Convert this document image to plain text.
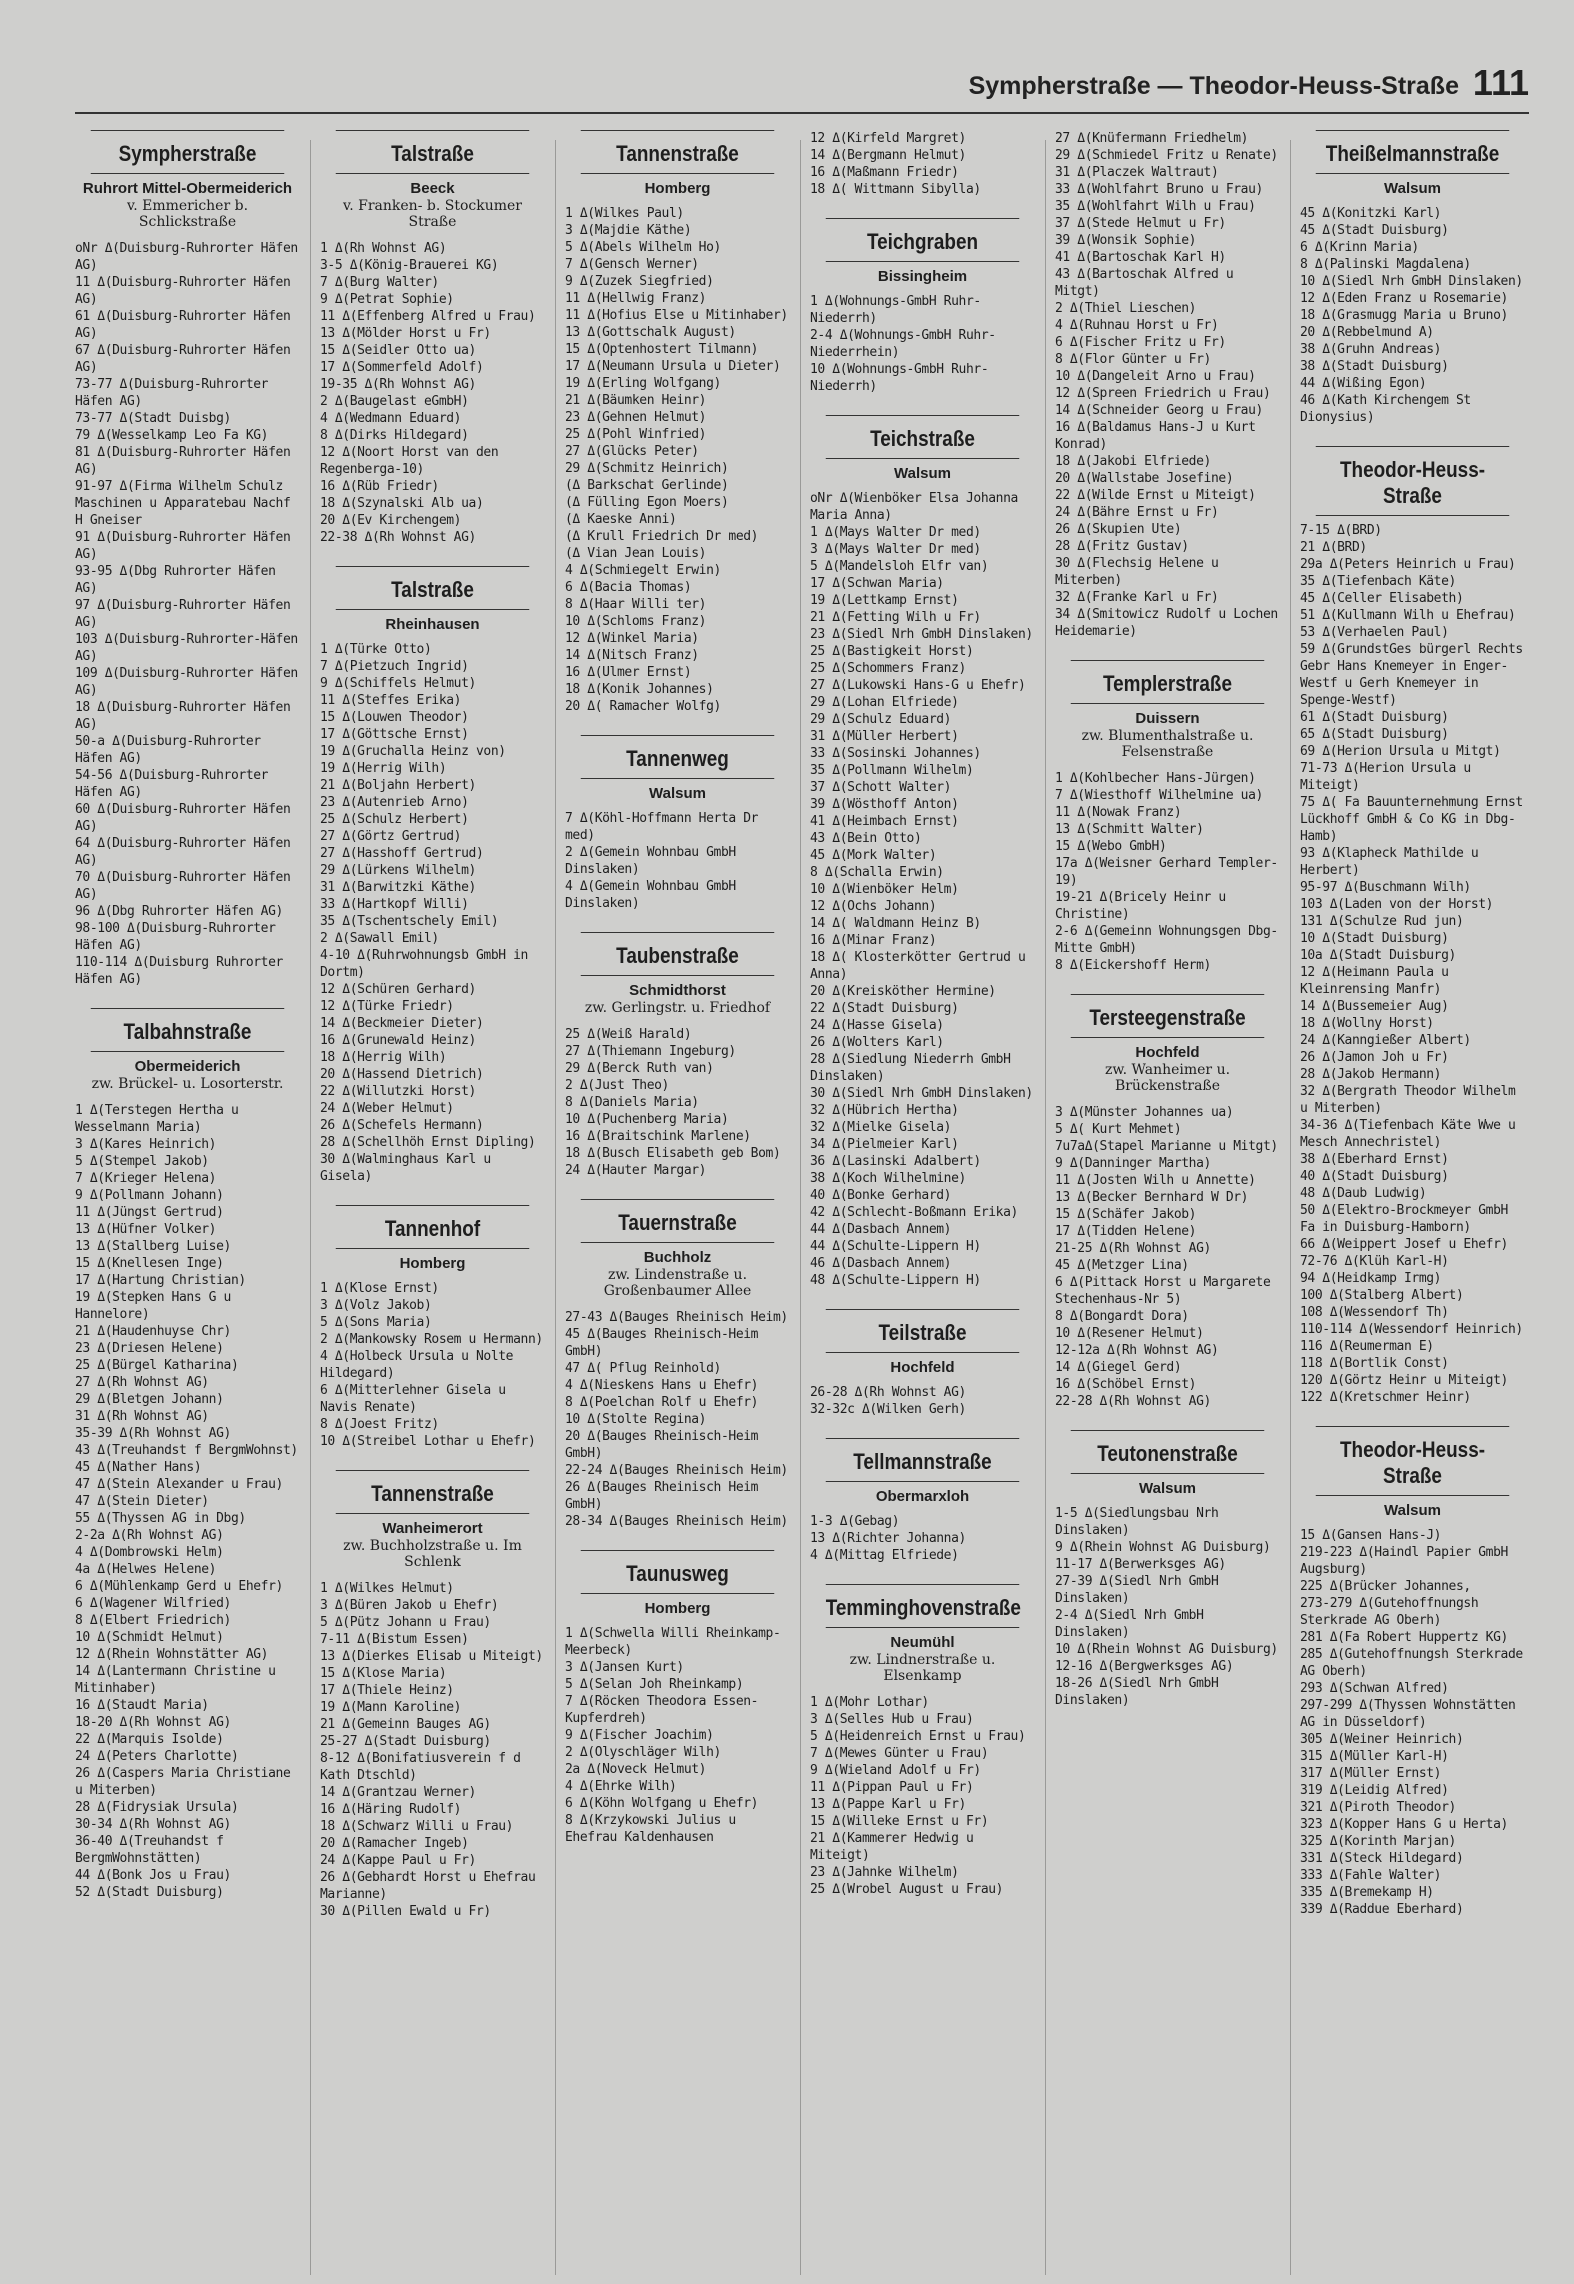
Sympherstraße — Theodor-Heuss-Straße 111
Sympherstraße
Ruhrort Mittel-Obermeiderich
v. Emmericher b. Schlickstraße
oNr Δ(Duisburg-Ruhrorter Häfen AG)
11 Δ(Duisburg-Ruhrorter Häfen AG)
61 Δ(Duisburg-Ruhrorter Häfen AG)
67 Δ(Duisburg-Ruhrorter Häfen AG)
73-77 Δ(Duisburg-Ruhrorter Häfen AG)
73-77 Δ(Stadt Duisbg)
79 Δ(Wesselkamp Leo Fa KG)
81 Δ(Duisburg-Ruhrorter Häfen AG)
91-97 Δ(Firma Wilhelm Schulz Maschinen u Apparatebau Nachf H Gneiser
91 Δ(Duisburg-Ruhrorter Häfen AG)
93-95 Δ(Dbg Ruhrorter Häfen AG)
97 Δ(Duisburg-Ruhrorter Häfen AG)
103 Δ(Duisburg-Ruhrorter-Häfen AG)
109 Δ(Duisburg-Ruhrorter Häfen AG)
18 Δ(Duisburg-Ruhrorter Häfen AG)
50-a Δ(Duisburg-Ruhrorter Häfen AG)
54-56 Δ(Duisburg-Ruhrorter Häfen AG)
60 Δ(Duisburg-Ruhrorter Häfen AG)
64 Δ(Duisburg-Ruhrorter Häfen AG)
70 Δ(Duisburg-Ruhrorter Häfen AG)
96 Δ(Dbg Ruhrorter Häfen AG)
98-100 Δ(Duisburg-Ruhrorter Häfen AG)
110-114 Δ(Duisburg Ruhrorter Häfen AG)
Talbahnstraße
Obermeiderich
zw. Brückel- u. Losorterstr.
1 Δ(Terstegen Hertha u Wesselmann Maria)
3 Δ(Kares Heinrich)
5 Δ(Stempel Jakob)
7 Δ(Krieger Helena)
9 Δ(Pollmann Johann)
11 Δ(Jüngst Gertrud)
13 Δ(Hüfner Volker)
13 Δ(Stallberg Luise)
15 Δ(Knellesen Inge)
17 Δ(Hartung Christian)
19 Δ(Stepken Hans G u Hannelore)
21 Δ(Haudenhuyse Chr)
23 Δ(Driesen Helene)
25 Δ(Bürgel Katharina)
27 Δ(Rh Wohnst AG)
29 Δ(Bletgen Johann)
31 Δ(Rh Wohnst AG)
35-39 Δ(Rh Wohnst AG)
43 Δ(Treuhandst f BergmWohnst)
45 Δ(Nather Hans)
47 Δ(Stein Alexander u Frau)
47 Δ(Stein Dieter)
55 Δ(Thyssen AG in Dbg)
2-2a Δ(Rh Wohnst AG)
4 Δ(Dombrowski Helm)
4a Δ(Helwes Helene)
6 Δ(Mühlenkamp Gerd u Ehefr)
6 Δ(Wagener Wilfried)
8 Δ(Elbert Friedrich)
10 Δ(Schmidt Helmut)
12 Δ(Rhein Wohnstätter AG)
14 Δ(Lantermann Christine u Mitinhaber)
16 Δ(Staudt Maria)
18-20 Δ(Rh Wohnst AG)
22 Δ(Marquis Isolde)
24 Δ(Peters Charlotte)
26 Δ(Caspers Maria Christiane u Miterben)
28 Δ(Fidrysiak Ursula)
30-34 Δ(Rh Wohnst AG)
36-40 Δ(Treuhandst f BergmWohnstätten)
44 Δ(Bonk Jos u Frau)
52 Δ(Stadt Duisburg)
Talstraße
Beeck
v. Franken- b. Stockumer Straße
1 Δ(Rh Wohnst AG)
3-5 Δ(König-Brauerei KG)
7 Δ(Burg Walter)
9 Δ(Petrat Sophie)
11 Δ(Effenberg Alfred u Frau)
13 Δ(Mölder Horst u Fr)
15 Δ(Seidler Otto ua)
17 Δ(Sommerfeld Adolf)
19-35 Δ(Rh Wohnst AG)
2 Δ(Baugelast eGmbH)
4 Δ(Wedmann Eduard)
8 Δ(Dirks Hildegard)
12 Δ(Noort Horst van den Regenberga-10)
16 Δ(Rüb Friedr)
18 Δ(Szynalski Alb ua)
20 Δ(Ev Kirchengem)
22-38 Δ(Rh Wohnst AG)
Talstraße
Rheinhausen
1 Δ(Türke Otto)
7 Δ(Pietzuch Ingrid)
9 Δ(Schiffels Helmut)
11 Δ(Steffes Erika)
15 Δ(Louwen Theodor)
17 Δ(Göttsche Ernst)
19 Δ(Gruchalla Heinz von)
19 Δ(Herrig Wilh)
21 Δ(Boljahn Herbert)
23 Δ(Autenrieb Arno)
25 Δ(Schulz Herbert)
27 Δ(Görtz Gertrud)
27 Δ(Hasshoff Gertrud)
29 Δ(Lürkens Wilhelm)
31 Δ(Barwitzki Käthe)
33 Δ(Hartkopf Willi)
35 Δ(Tschentschely Emil)
2 Δ(Sawall Emil)
4-10 Δ(Ruhrwohnungsb GmbH in Dortm)
12 Δ(Schüren Gerhard)
12 Δ(Türke Friedr)
14 Δ(Beckmeier Dieter)
16 Δ(Grunewald Heinz)
18 Δ(Herrig Wilh)
20 Δ(Hassend Dietrich)
22 Δ(Willutzki Horst)
24 Δ(Weber Helmut)
26 Δ(Schefels Hermann)
28 Δ(Schellhöh Ernst Dipling)
30 Δ(Walminghaus Karl u Gisela)
Tannenhof
Homberg
1 Δ(Klose Ernst)
3 Δ(Volz Jakob)
5 Δ(Sons Maria)
2 Δ(Mankowsky Rosem u Hermann)
4 Δ(Holbeck Ursula u Nolte Hildegard)
6 Δ(Mitterlehner Gisela u Navis Renate)
8 Δ(Joest Fritz)
10 Δ(Streibel Lothar u Ehefr)
Tannenstraße
Wanheimerort
zw. Buchholzstraße u. Im Schlenk
1 Δ(Wilkes Helmut)
3 Δ(Büren Jakob u Ehefr)
5 Δ(Pütz Johann u Frau)
7-11 Δ(Bistum Essen)
13 Δ(Dierkes Elisab u Miteigt)
15 Δ(Klose Maria)
17 Δ(Thiele Heinz)
19 Δ(Mann Karoline)
21 Δ(Gemeinn Bauges AG)
25-27 Δ(Stadt Duisburg)
8-12 Δ(Bonifatiusverein f d Kath Dtschld)
14 Δ(Grantzau Werner)
16 Δ(Häring Rudolf)
18 Δ(Schwarz Willi u Frau)
20 Δ(Ramacher Ingeb)
24 Δ(Kappe Paul u Fr)
26 Δ(Gebhardt Horst u Ehefrau Marianne)
30 Δ(Pillen Ewald u Fr)
Tannenstraße
Homberg
1 Δ(Wilkes Paul)
3 Δ(Majdie Käthe)
5 Δ(Abels Wilhelm Ho)
7 Δ(Gensch Werner)
9 Δ(Zuzek Siegfried)
11 Δ(Hellwig Franz)
11 Δ(Hofius Else u Mitinhaber)
13 Δ(Gottschalk August)
15 Δ(Optenhostert Tilmann)
17 Δ(Neumann Ursula u Dieter)
19 Δ(Erling Wolfgang)
21 Δ(Bäumken Heinr)
23 Δ(Gehnen Helmut)
25 Δ(Pohl Winfried)
27 Δ(Glücks Peter)
29 Δ(Schmitz Heinrich)
(Δ Barkschat Gerlinde)
(Δ Fülling Egon Moers)
(Δ Kaeske Anni)
(Δ Krull Friedrich Dr med)
(Δ Vian Jean Louis)
4 Δ(Schmiegelt Erwin)
6 Δ(Bacia Thomas)
8 Δ(Haar Willi ter)
10 Δ(Schloms Franz)
12 Δ(Winkel Maria)
14 Δ(Nitsch Franz)
16 Δ(Ulmer Ernst)
18 Δ(Konik Johannes)
20 Δ( Ramacher Wolfg)
Tannenweg
Walsum
7 Δ(Köhl-Hoffmann Herta Dr med)
2 Δ(Gemein Wohnbau GmbH Dinslaken)
4 Δ(Gemein Wohnbau GmbH Dinslaken)
Taubenstraße
Schmidthorst
zw. Gerlingstr. u. Friedhof
25 Δ(Weiß Harald)
27 Δ(Thiemann Ingeburg)
29 Δ(Berck Ruth van)
2 Δ(Just Theo)
8 Δ(Daniels Maria)
10 Δ(Puchenberg Maria)
16 Δ(Braitschink Marlene)
18 Δ(Busch Elisabeth geb Bom)
24 Δ(Hauter Margar)
Tauernstraße
Buchholz
zw. Lindenstraße u. Großenbaumer Allee
27-43 Δ(Bauges Rheinisch Heim)
45 Δ(Bauges Rheinisch-Heim GmbH)
47 Δ( Pflug Reinhold)
4 Δ(Nieskens Hans u Ehefr)
8 Δ(Poelchan Rolf u Ehefr)
10 Δ(Stolte Regina)
20 Δ(Bauges Rheinisch-Heim GmbH)
22-24 Δ(Bauges Rheinisch Heim)
26 Δ(Bauges Rheinisch Heim GmbH)
28-34 Δ(Bauges Rheinisch Heim)
Taunusweg
Homberg
1 Δ(Schwella Willi Rheinkamp-Meerbeck)
3 Δ(Jansen Kurt)
5 Δ(Selan Joh Rheinkamp)
7 Δ(Röcken Theodora Essen-Kupferdreh)
9 Δ(Fischer Joachim)
2 Δ(Olyschläger Wilh)
2a Δ(Noveck Helmut)
4 Δ(Ehrke Wilh)
6 Δ(Köhn Wolfgang u Ehefr)
8 Δ(Krzykowski Julius u Ehefrau Kaldenhausen
12 Δ(Kirfeld Margret)
14 Δ(Bergmann Helmut)
16 Δ(Maßmann Friedr)
18 Δ( Wittmann Sibylla)
Teichgraben
Bissingheim
1 Δ(Wohnungs-GmbH Ruhr-Niederrh)
2-4 Δ(Wohnungs-GmbH Ruhr-Niederrhein)
10 Δ(Wohnungs-GmbH Ruhr-Niederrh)
Teichstraße
Walsum
oNr Δ(Wienböker Elsa Johanna Maria Anna)
1 Δ(Mays Walter Dr med)
3 Δ(Mays Walter Dr med)
5 Δ(Mandelsloh Elfr van)
17 Δ(Schwan Maria)
19 Δ(Lettkamp Ernst)
21 Δ(Fetting Wilh u Fr)
23 Δ(Siedl Nrh GmbH Dinslaken)
25 Δ(Bastigkeit Horst)
25 Δ(Schommers Franz)
27 Δ(Lukowski Hans-G u Ehefr)
29 Δ(Lohan Elfriede)
29 Δ(Schulz Eduard)
31 Δ(Müller Herbert)
33 Δ(Sosinski Johannes)
35 Δ(Pollmann Wilhelm)
37 Δ(Schott Walter)
39 Δ(Wösthoff Anton)
41 Δ(Heimbach Ernst)
43 Δ(Bein Otto)
45 Δ(Mork Walter)
8 Δ(Schalla Erwin)
10 Δ(Wienböker Helm)
12 Δ(Ochs Johann)
14 Δ( Waldmann Heinz B)
16 Δ(Minar Franz)
18 Δ( Klosterkötter Gertrud u Anna)
20 Δ(Kreisköther Hermine)
22 Δ(Stadt Duisburg)
24 Δ(Hasse Gisela)
26 Δ(Wolters Karl)
28 Δ(Siedlung Niederrh GmbH Dinslaken)
30 Δ(Siedl Nrh GmbH Dinslaken)
32 Δ(Hübrich Hertha)
32 Δ(Mielke Gisela)
34 Δ(Pielmeier Karl)
36 Δ(Lasinski Adalbert)
38 Δ(Koch Wilhelmine)
40 Δ(Bonke Gerhard)
42 Δ(Schlecht-Boßmann Erika)
44 Δ(Dasbach Annem)
44 Δ(Schulte-Lippern H)
46 Δ(Dasbach Annem)
48 Δ(Schulte-Lippern H)
Teilstraße
Hochfeld
26-28 Δ(Rh Wohnst AG)
32-32c Δ(Wilken Gerh)
Tellmannstraße
Obermarxloh
1-3 Δ(Gebag)
13 Δ(Richter Johanna)
4 Δ(Mittag Elfriede)
Temminghovenstraße
Neumühl
zw. Lindnerstraße u. Elsenkamp
1 Δ(Mohr Lothar)
3 Δ(Selles Hub u Frau)
5 Δ(Heidenreich Ernst u Frau)
7 Δ(Mewes Günter u Frau)
9 Δ(Wieland Adolf u Fr)
11 Δ(Pippan Paul u Fr)
13 Δ(Pappe Karl u Fr)
15 Δ(Willeke Ernst u Fr)
21 Δ(Kammerer Hedwig u Miteigt)
23 Δ(Jahnke Wilhelm)
25 Δ(Wrobel August u Frau)
27 Δ(Knüfermann Friedhelm)
29 Δ(Schmiedel Fritz u Renate)
31 Δ(Placzek Waltraut)
33 Δ(Wohlfahrt Bruno u Frau)
35 Δ(Wohlfahrt Wilh u Frau)
37 Δ(Stede Helmut u Fr)
39 Δ(Wonsik Sophie)
41 Δ(Bartoschak Karl H)
43 Δ(Bartoschak Alfred u Mitgt)
2 Δ(Thiel Lieschen)
4 Δ(Ruhnau Horst u Fr)
6 Δ(Fischer Fritz u Fr)
8 Δ(Flor Günter u Fr)
10 Δ(Dangeleit Arno u Frau)
12 Δ(Spreen Friedrich u Frau)
14 Δ(Schneider Georg u Frau)
16 Δ(Baldamus Hans-J u Kurt Konrad)
18 Δ(Jakobi Elfriede)
20 Δ(Wallstabe Josefine)
22 Δ(Wilde Ernst u Miteigt)
24 Δ(Bähre Ernst u Fr)
26 Δ(Skupien Ute)
28 Δ(Fritz Gustav)
30 Δ(Flechsig Helene u Miterben)
32 Δ(Franke Karl u Fr)
34 Δ(Smitowicz Rudolf u Lochen Heidemarie)
Templerstraße
Duissern
zw. Blumenthalstraße u. Felsenstraße
1 Δ(Kohlbecher Hans-Jürgen)
7 Δ(Wiesthoff Wilhelmine ua)
11 Δ(Nowak Franz)
13 Δ(Schmitt Walter)
15 Δ(Webo GmbH)
17a Δ(Weisner Gerhard Templer-19)
19-21 Δ(Bricely Heinr u Christine)
2-6 Δ(Gemeinn Wohnungsgen Dbg-Mitte GmbH)
8 Δ(Eickershoff Herm)
Tersteegenstraße
Hochfeld
zw. Wanheimer u. Brückenstraße
3 Δ(Münster Johannes ua)
5 Δ( Kurt Mehmet)
7u7aΔ(Stapel Marianne u Mitgt)
9 Δ(Danninger Martha)
11 Δ(Josten Wilh u Annette)
13 Δ(Becker Bernhard W Dr)
15 Δ(Schäfer Jakob)
17 Δ(Tidden Helene)
21-25 Δ(Rh Wohnst AG)
45 Δ(Metzger Lina)
6 Δ(Pittack Horst u Margarete Stechenhaus-Nr 5)
8 Δ(Bongardt Dora)
10 Δ(Resener Helmut)
12-12a Δ(Rh Wohnst AG)
14 Δ(Giegel Gerd)
16 Δ(Schöbel Ernst)
22-28 Δ(Rh Wohnst AG)
Teutonenstraße
Walsum
1-5 Δ(Siedlungsbau Nrh Dinslaken)
9 Δ(Rhein Wohnst AG Duisburg)
11-17 Δ(Berwerksges AG)
27-39 Δ(Siedl Nrh GmbH Dinslaken)
2-4 Δ(Siedl Nrh GmbH Dinslaken)
10 Δ(Rhein Wohnst AG Duisburg)
12-16 Δ(Bergwerksges AG)
18-26 Δ(Siedl Nrh GmbH Dinslaken)
Theißelmannstraße
Walsum
45 Δ(Konitzki Karl)
45 Δ(Stadt Duisburg)
6 Δ(Krinn Maria)
8 Δ(Palinski Magdalena)
10 Δ(Siedl Nrh GmbH Dinslaken)
12 Δ(Eden Franz u Rosemarie)
18 Δ(Grasmugg Maria u Bruno)
20 Δ(Rebbelmund A)
38 Δ(Gruhn Andreas)
38 Δ(Stadt Duisburg)
44 Δ(Wißing Egon)
46 Δ(Kath Kirchengem St Dionysius)
Theodor-Heuss-Straße
7-15 Δ(BRD)
21 Δ(BRD)
29a Δ(Peters Heinrich u Frau)
35 Δ(Tiefenbach Käte)
45 Δ(Celler Elisabeth)
51 Δ(Kullmann Wilh u Ehefrau)
53 Δ(Verhaelen Paul)
59 Δ(GrundstGes bürgerl Rechts Gebr Hans Knemeyer in Enger-Westf u Gerh Knemeyer in Spenge-Westf)
61 Δ(Stadt Duisburg)
65 Δ(Stadt Duisburg)
69 Δ(Herion Ursula u Mitgt)
71-73 Δ(Herion Ursula u Miteigt)
75 Δ( Fa Bauunternehmung Ernst Lückhoff GmbH & Co KG in Dbg-Hamb)
93 Δ(Klapheck Mathilde u Herbert)
95-97 Δ(Buschmann Wilh)
103 Δ(Laden von der Horst)
131 Δ(Schulze Rud jun)
10 Δ(Stadt Duisburg)
10a Δ(Stadt Duisburg)
12 Δ(Heimann Paula u Kleinrensing Manfr)
14 Δ(Bussemeier Aug)
18 Δ(Wollny Horst)
24 Δ(Kanngießer Albert)
26 Δ(Jamon Joh u Fr)
28 Δ(Jakob Hermann)
32 Δ(Bergrath Theodor Wilhelm u Miterben)
34-36 Δ(Tiefenbach Käte Wwe u Mesch Annechristel)
38 Δ(Eberhard Ernst)
40 Δ(Stadt Duisburg)
48 Δ(Daub Ludwig)
50 Δ(Elektro-Brockmeyer GmbH Fa in Duisburg-Hamborn)
66 Δ(Weippert Josef u Ehefr)
72-76 Δ(Klüh Karl-H)
94 Δ(Heidkamp Irmg)
100 Δ(Stalberg Albert)
108 Δ(Wessendorf Th)
110-114 Δ(Wessendorf Heinrich)
116 Δ(Reumerman E)
118 Δ(Bortlik Const)
120 Δ(Görtz Heinr u Miteigt)
122 Δ(Kretschmer Heinr)
Theodor-Heuss-Straße
Walsum
15 Δ(Gansen Hans-J)
219-223 Δ(Haindl Papier GmbH Augsburg)
225 Δ(Brücker Johannes,
273-279 Δ(Gutehoffnungsh Sterkrade AG Oberh)
281 Δ(Fa Robert Huppertz KG)
285 Δ(Gutehoffnungsh Sterkrade AG Oberh)
293 Δ(Schwan Alfred)
297-299 Δ(Thyssen Wohnstätten AG in Düsseldorf)
305 Δ(Weiner Heinrich)
315 Δ(Müller Karl-H)
317 Δ(Müller Ernst)
319 Δ(Leidig Alfred)
321 Δ(Piroth Theodor)
323 Δ(Kopper Hans G u Herta)
325 Δ(Korinth Marjan)
331 Δ(Steck Hildegard)
333 Δ(Fahle Walter)
335 Δ(Bremekamp H)
339 Δ(Raddue Eberhard)
